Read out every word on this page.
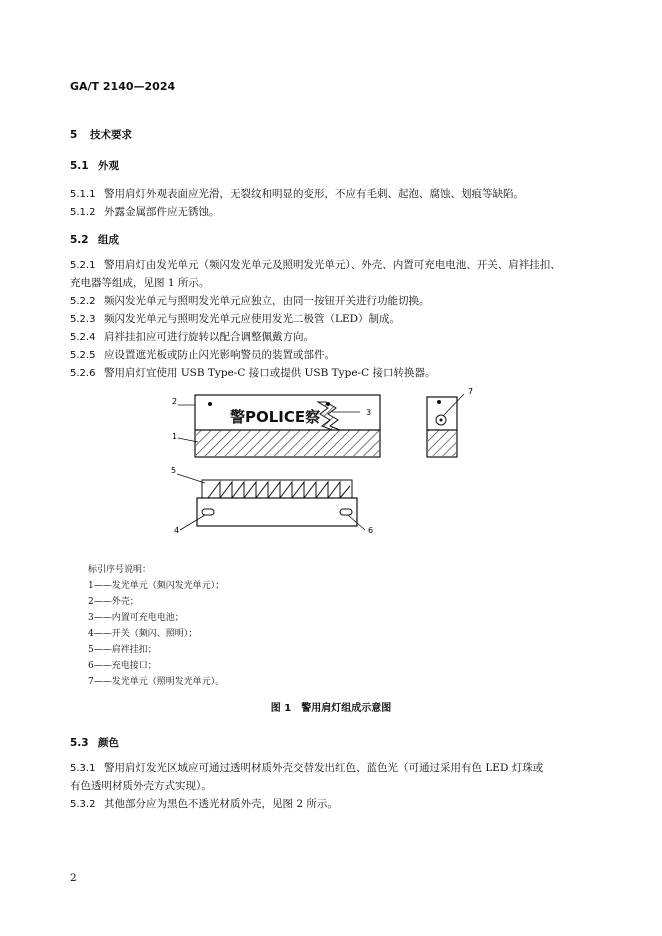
GA/T 2140—2024
5 技术要求
5.1 外观
5.1.1 警用肩灯外观表面应光滑，无裂纹和明显的变形，不应有毛刺、起泡、腐蚀、划痕等缺陷。
5.1.2 外露金属部件应无锈蚀。
5.2 组成
5.2.1 警用肩灯由发光单元（频闪发光单元及照明发光单元）、外壳、内置可充电电池、开关、肩袢挂扣、
充电器等组成，见图 1 所示。
5.2.2 频闪发光单元与照明发光单元应独立，由同一按钮开关进行功能切换。
5.2.3 频闪发光单元与照明发光单元应使用发光二极管（LED）制成。
5.2.4 肩袢挂扣应可进行旋转以配合调整佩戴方向。
5.2.5 应设置遮光板或防止闪光影响警员的装置或部件。
5.2.6 警用肩灯宜使用 USB Type-C 接口或提供 USB Type-C 接口转换器。
警POLICE察
2
1
3
7
5
4	6
标引序号说明：
1——发光单元（频闪发光单元）；
2——外壳；
3——内置可充电电池；
4——开关（频闪、照明）；
5——肩袢挂扣；
6——充电接口；
7——发光单元（照明发光单元）。
图 1　警用肩灯组成示意图
5.3 颜色
5.3.1 警用肩灯发光区域应可通过透明材质外壳交替发出红色、蓝色光（可通过采用有色 LED 灯珠或
有色透明材质外壳方式实现）。
5.3.2 其他部分应为黑色不透光材质外壳，见图 2 所示。
2
